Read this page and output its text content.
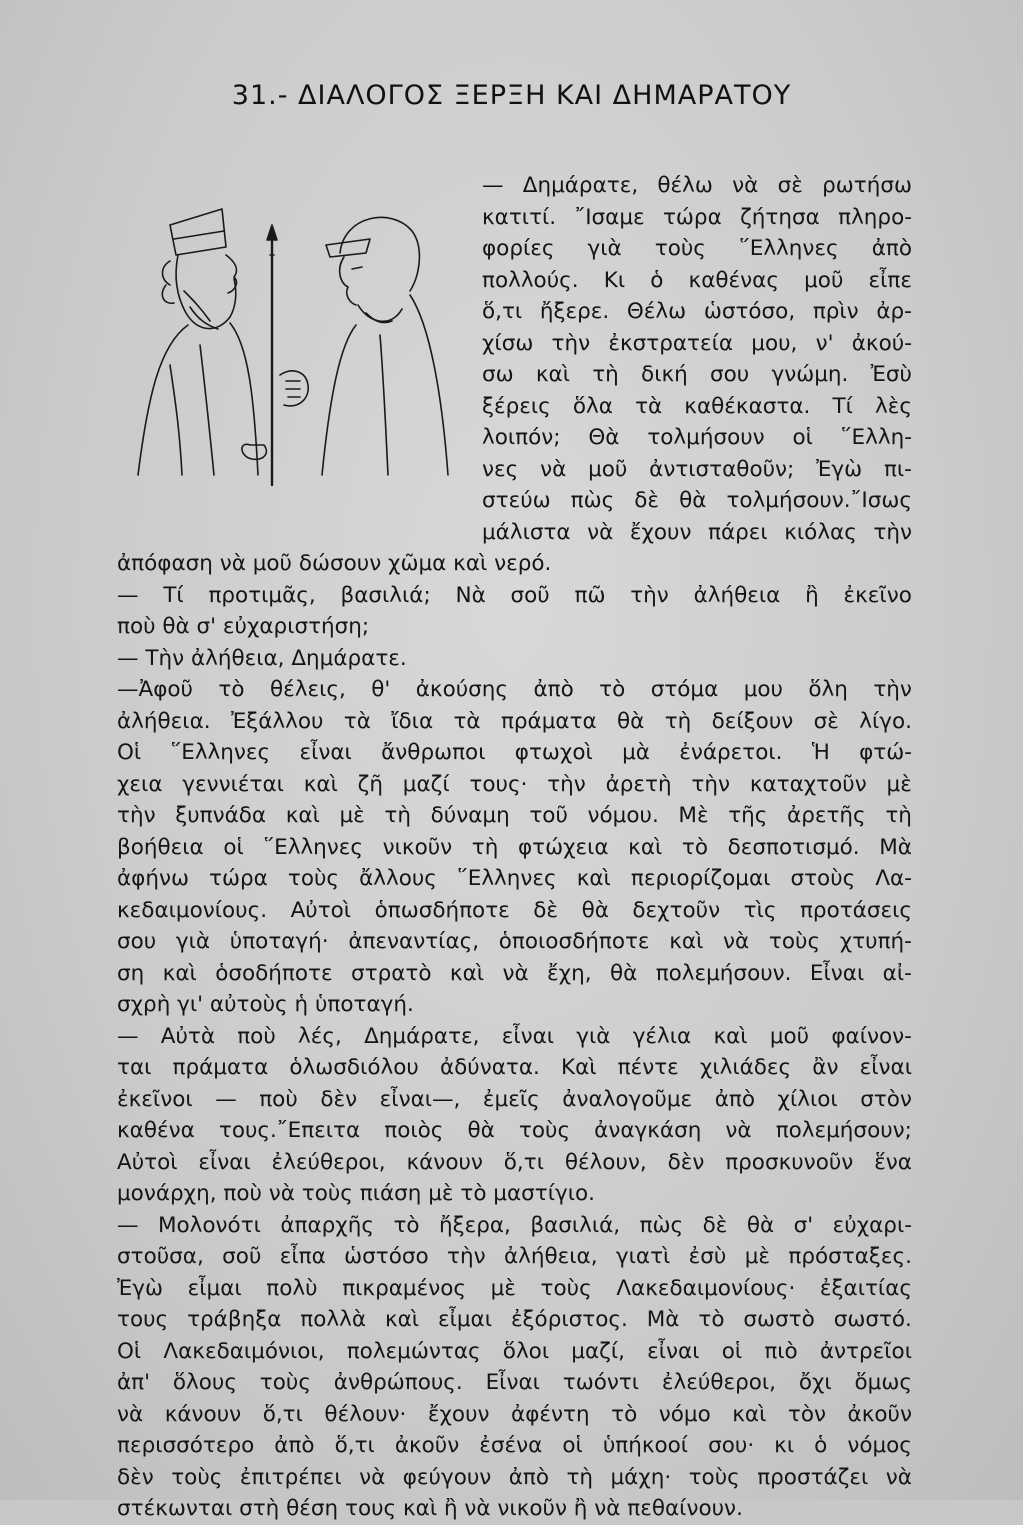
31.- ΔΙΑΛΟΓΟΣ ΞΕΡΞΗ ΚΑΙ ΔΗΜΑΡΑΤΟΥ
— Δημάρατε, θέλω νὰ σὲ ρωτήσω
κατιτί. ῎Ισαμε τώρα ζήτησα πληρο-
φορίες γιὰ τοὺς ῞Ελληνες ἀπὸ
πολλούς. Κι ὁ καθένας μοῦ εἶπε
ὅ,τι ἤξερε. Θέλω ὡστόσο, πρὶν ἀρ-
χίσω τὴν ἐκστρατεία μου, ν' ἀκού-
σω καὶ τὴ δική σου γνώμη. Ἐσὺ
ξέρεις ὅλα τὰ καθέκαστα. Τί λὲς
λοιπόν; Θὰ τολμήσουν οἱ ῞Ελλη-
νες νὰ μοῦ ἀντισταθοῦν; Ἐγὼ πι-
στεύω πὼς δὲ θὰ τολμήσουν.῎Ισως
μάλιστα νὰ ἔχουν πάρει κιόλας τὴν
ἀπόφαση νὰ μοῦ δώσουν χῶμα καὶ νερό.
— Τί προτιμᾶς, βασιλιά; Νὰ σοῦ πῶ τὴν ἀλήθεια ἢ ἐκεῖνο
ποὺ θὰ σ' εὐχαριστήση;
— Τὴν ἀλήθεια, Δημάρατε.
—Ἀφοῦ τὸ θέλεις, θ' ἀκούσης ἀπὸ τὸ στόμα μου ὅλη τὴν
ἀλήθεια. Ἐξάλλου τὰ ἴδια τὰ πράματα θὰ τὴ δείξουν σὲ λίγο.
Οἱ ῞Ελληνες εἶναι ἄνθρωποι φτωχοὶ μὰ ἐνάρετοι. Ἡ φτώ-
χεια γεννιέται καὶ ζῆ μαζί τους· τὴν ἀρετὴ τὴν καταχτοῦν μὲ
τὴν ξυπνάδα καὶ μὲ τὴ δύναμη τοῦ νόμου. Μὲ τῆς ἀρετῆς τὴ
βοήθεια οἱ ῞Ελληνες νικοῦν τὴ φτώχεια καὶ τὸ δεσποτισμό. Μὰ
ἀφήνω τώρα τοὺς ἄλλους ῞Ελληνες καὶ περιορίζομαι στοὺς Λα-
κεδαιμονίους. Αὐτοὶ ὁπωσδήποτε δὲ θὰ δεχτοῦν τὶς προτάσεις
σου γιὰ ὑποταγή· ἀπεναντίας, ὁποιοσδήποτε καὶ νὰ τοὺς χτυπή-
ση καὶ ὁσοδήποτε στρατὸ καὶ νὰ ἔχη, θὰ πολεμήσουν. Εἶναι αἰ-
σχρὴ γι' αὐτοὺς ἡ ὑποταγή.
— Αὐτὰ ποὺ λές, Δημάρατε, εἶναι γιὰ γέλια καὶ μοῦ φαίνον-
ται πράματα ὁλωσδιόλου ἀδύνατα. Καὶ πέντε χιλιάδες ἂν εἶναι
ἐκεῖνοι — ποὺ δὲν εἶναι—, ἐμεῖς ἀναλογοῦμε ἀπὸ χίλιοι στὸν
καθένα τους.῎Επειτα ποιὸς θὰ τοὺς ἀναγκάση νὰ πολεμήσουν;
Αὐτοὶ εἶναι ἐλεύθεροι, κάνουν ὅ,τι θέλουν, δὲν προσκυνοῦν ἕνα
μονάρχη, ποὺ νὰ τοὺς πιάση μὲ τὸ μαστίγιο.
— Μολονότι ἀπαρχῆς τὸ ἤξερα, βασιλιά, πὼς δὲ θὰ σ' εὐχαρι-
στοῦσα, σοῦ εἶπα ὡστόσο τὴν ἀλήθεια, γιατὶ ἐσὺ μὲ πρόσταξες.
Ἐγὼ εἶμαι πολὺ πικραμένος μὲ τοὺς Λακεδαιμονίους· ἐξαιτίας
τους τράβηξα πολλὰ καὶ εἶμαι ἐξόριστος. Μὰ τὸ σωστὸ σωστό.
Οἱ Λακεδαιμόνιοι, πολεμώντας ὅλοι μαζί, εἶναι οἱ πιὸ ἀντρεῖοι
ἀπ' ὅλους τοὺς ἀνθρώπους. Εἶναι τωόντι ἐλεύθεροι, ὄχι ὅμως
νὰ κάνουν ὅ,τι θέλουν· ἔχουν ἀφέντη τὸ νόμο καὶ τὸν ἀκοῦν
περισσότερο ἀπὸ ὅ,τι ἀκοῦν ἐσένα οἱ ὑπήκοοί σου· κι ὁ νόμος
δὲν τοὺς ἐπιτρέπει νὰ φεύγουν ἀπὸ τὴ μάχη· τοὺς προστάζει νὰ
στέκωνται στὴ θέση τους καὶ ἢ νὰ νικοῦν ἢ νὰ πεθαίνουν.
